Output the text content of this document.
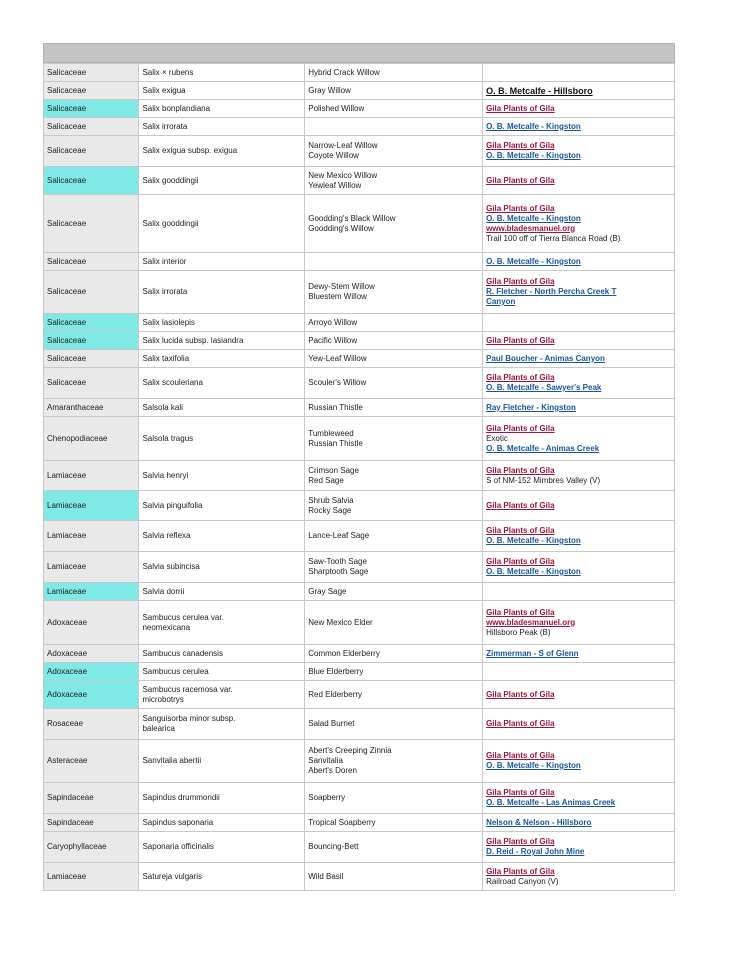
Salicaceae	Salix × rubens	Hybrid Crack Willow	

Salicaceae	Salix exigua	Gray Willow	O. B. Metcalfe - Hillsboro

Salicaceae	Salix bonplandiana	Polished Willow	Gila Plants of Gila

Salicaceae	Salix irrorata		O. B. Metcalfe - Kingston

Salicaceae	Salix exigua subsp. exigua	Narrow-Leaf Willow
Coyote Willow	Gila Plants of Gila
O. B. Metcalfe - Kingston

Salicaceae	Salix gooddingii	New Mexico Willow
Yewleaf Willow	Gila Plants of Gila

Salicaceae	Salix gooddingii	Goodding's Black Willow
Goodding's Willow	Gila Plants of Gila
O. B. Metcalfe - Kingston
www.bladesmanuel.org
Trail 100 off of Tierra Blanca Road (B)

Salicaceae	Salix interior		O. B. Metcalfe - Kingston

Salicaceae	Salix irrorata	Dewy-Stem Willow
Bluestem Willow	Gila Plants of Gila
R. Fletcher - North Percha Creek T
Canyon

Salicaceae	Salix lasiolepis	Arroyo Willow	

Salicaceae	Salix lucida subsp. lasiandra	Pacific Willow	Gila Plants of Gila

Salicaceae	Salix taxifolia	Yew-Leaf Willow	Paul Boucher - Animas Canyon

Salicaceae	Salix scouleriana	Scouler's Willow	Gila Plants of Gila
O. B. Metcalfe - Sawyer's Peak

Amaranthaceae	Salsola kali	Russian Thistle	Ray Fletcher - Kingston

Chenopodiaceae	Salsola tragus	Tumbleweed
Russian Thistle	Gila Plants of Gila
Exotic
O. B. Metcalfe - Animas Creek

Lamiaceae	Salvia henryi	Crimson Sage
Red Sage	Gila Plants of Gila
S of NM-152 Mimbres Valley (V)

Lamiaceae	Salvia pinguifolia	Shrub Salvia
Rocky Sage	Gila Plants of Gila

Lamiaceae	Salvia reflexa	Lance-Leaf Sage	Gila Plants of Gila
O. B. Metcalfe - Kingston

Lamiaceae	Salvia subincisa	Saw-Tooth Sage
Sharptooth Sage	Gila Plants of Gila
O. B. Metcalfe - Kingston

Lamiaceae	Salvia dorrii	Gray Sage	

Adoxaceae	Sambucus cerulea var.
neomexicana	New Mexico Elder	Gila Plants of Gila
www.bladesmanuel.org
Hillsboro Peak (B)

Adoxaceae	Sambucus canadensis	Common Elderberry	Zimmerman - S of Glenn

Adoxaceae	Sambucus cerulea	Blue Elderberry	

Adoxaceae	Sambucus racemosa var.
microbotrys	Red Elderberry	Gila Plants of Gila

Rosaceae	Sanguisorba minor subsp.
balearica	Salad Burnet	Gila Plants of Gila

Asteraceae	Sanvitalia abertii	Abert's Creeping Zinnia
Sanvitalia
Abert's Doren	Gila Plants of Gila
O. B. Metcalfe - Kingston

Sapindaceae	Sapindus drummondii	Soapberry	Gila Plants of Gila
O. B. Metcalfe - Las Animas Creek

Sapindaceae	Sapindus saponaria	Tropical Soapberry	Nelson & Nelson - Hillsboro

Caryophyllaceae	Saponaria officinalis	Bouncing-Bett	Gila Plants of Gila
D. Reid - Royal John Mine

Lamiaceae	Satureja vulgaris	Wild Basil	Gila Plants of Gila
Railroad Canyon (V)
